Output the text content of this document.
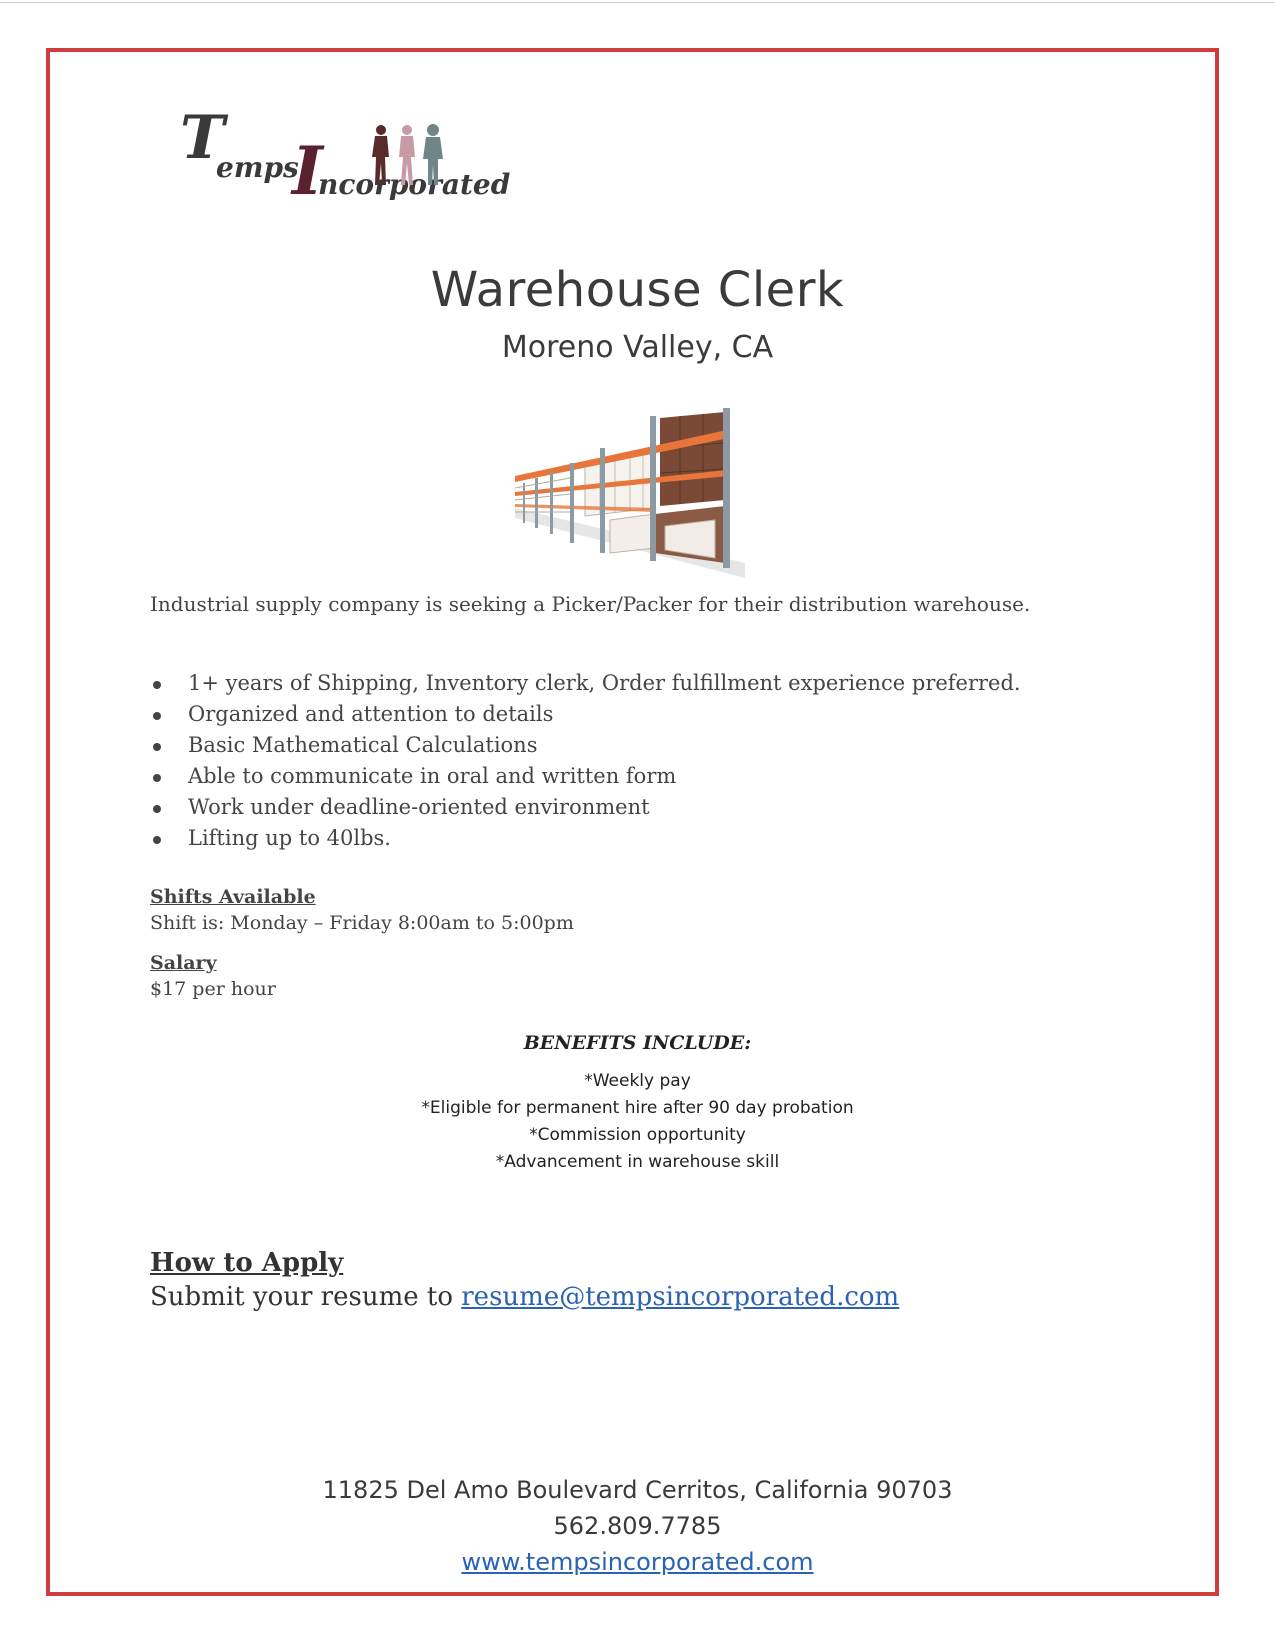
T
emps
I
ncorporated
Warehouse Clerk
Moreno Valley, CA
Industrial supply company is seeking a Picker/Packer for their distribution warehouse.
1+ years of Shipping, Inventory clerk, Order fulfillment experience preferred.
Organized and attention to details
Basic Mathematical Calculations
Able to communicate in oral and written form
Work under deadline-oriented environment
Lifting up to 40lbs.
Shifts Available
Shift is: Monday – Friday 8:00am to 5:00pm
Salary
$17 per hour
BENEFITS INCLUDE:
*Weekly pay
*Eligible for permanent hire after 90 day probation
*Commission opportunity
*Advancement in warehouse skill
How to Apply
Submit your resume to resume@tempsincorporated.com
11825 Del Amo Boulevard Cerritos, California 90703
562.809.7785
www.tempsincorporated.com
